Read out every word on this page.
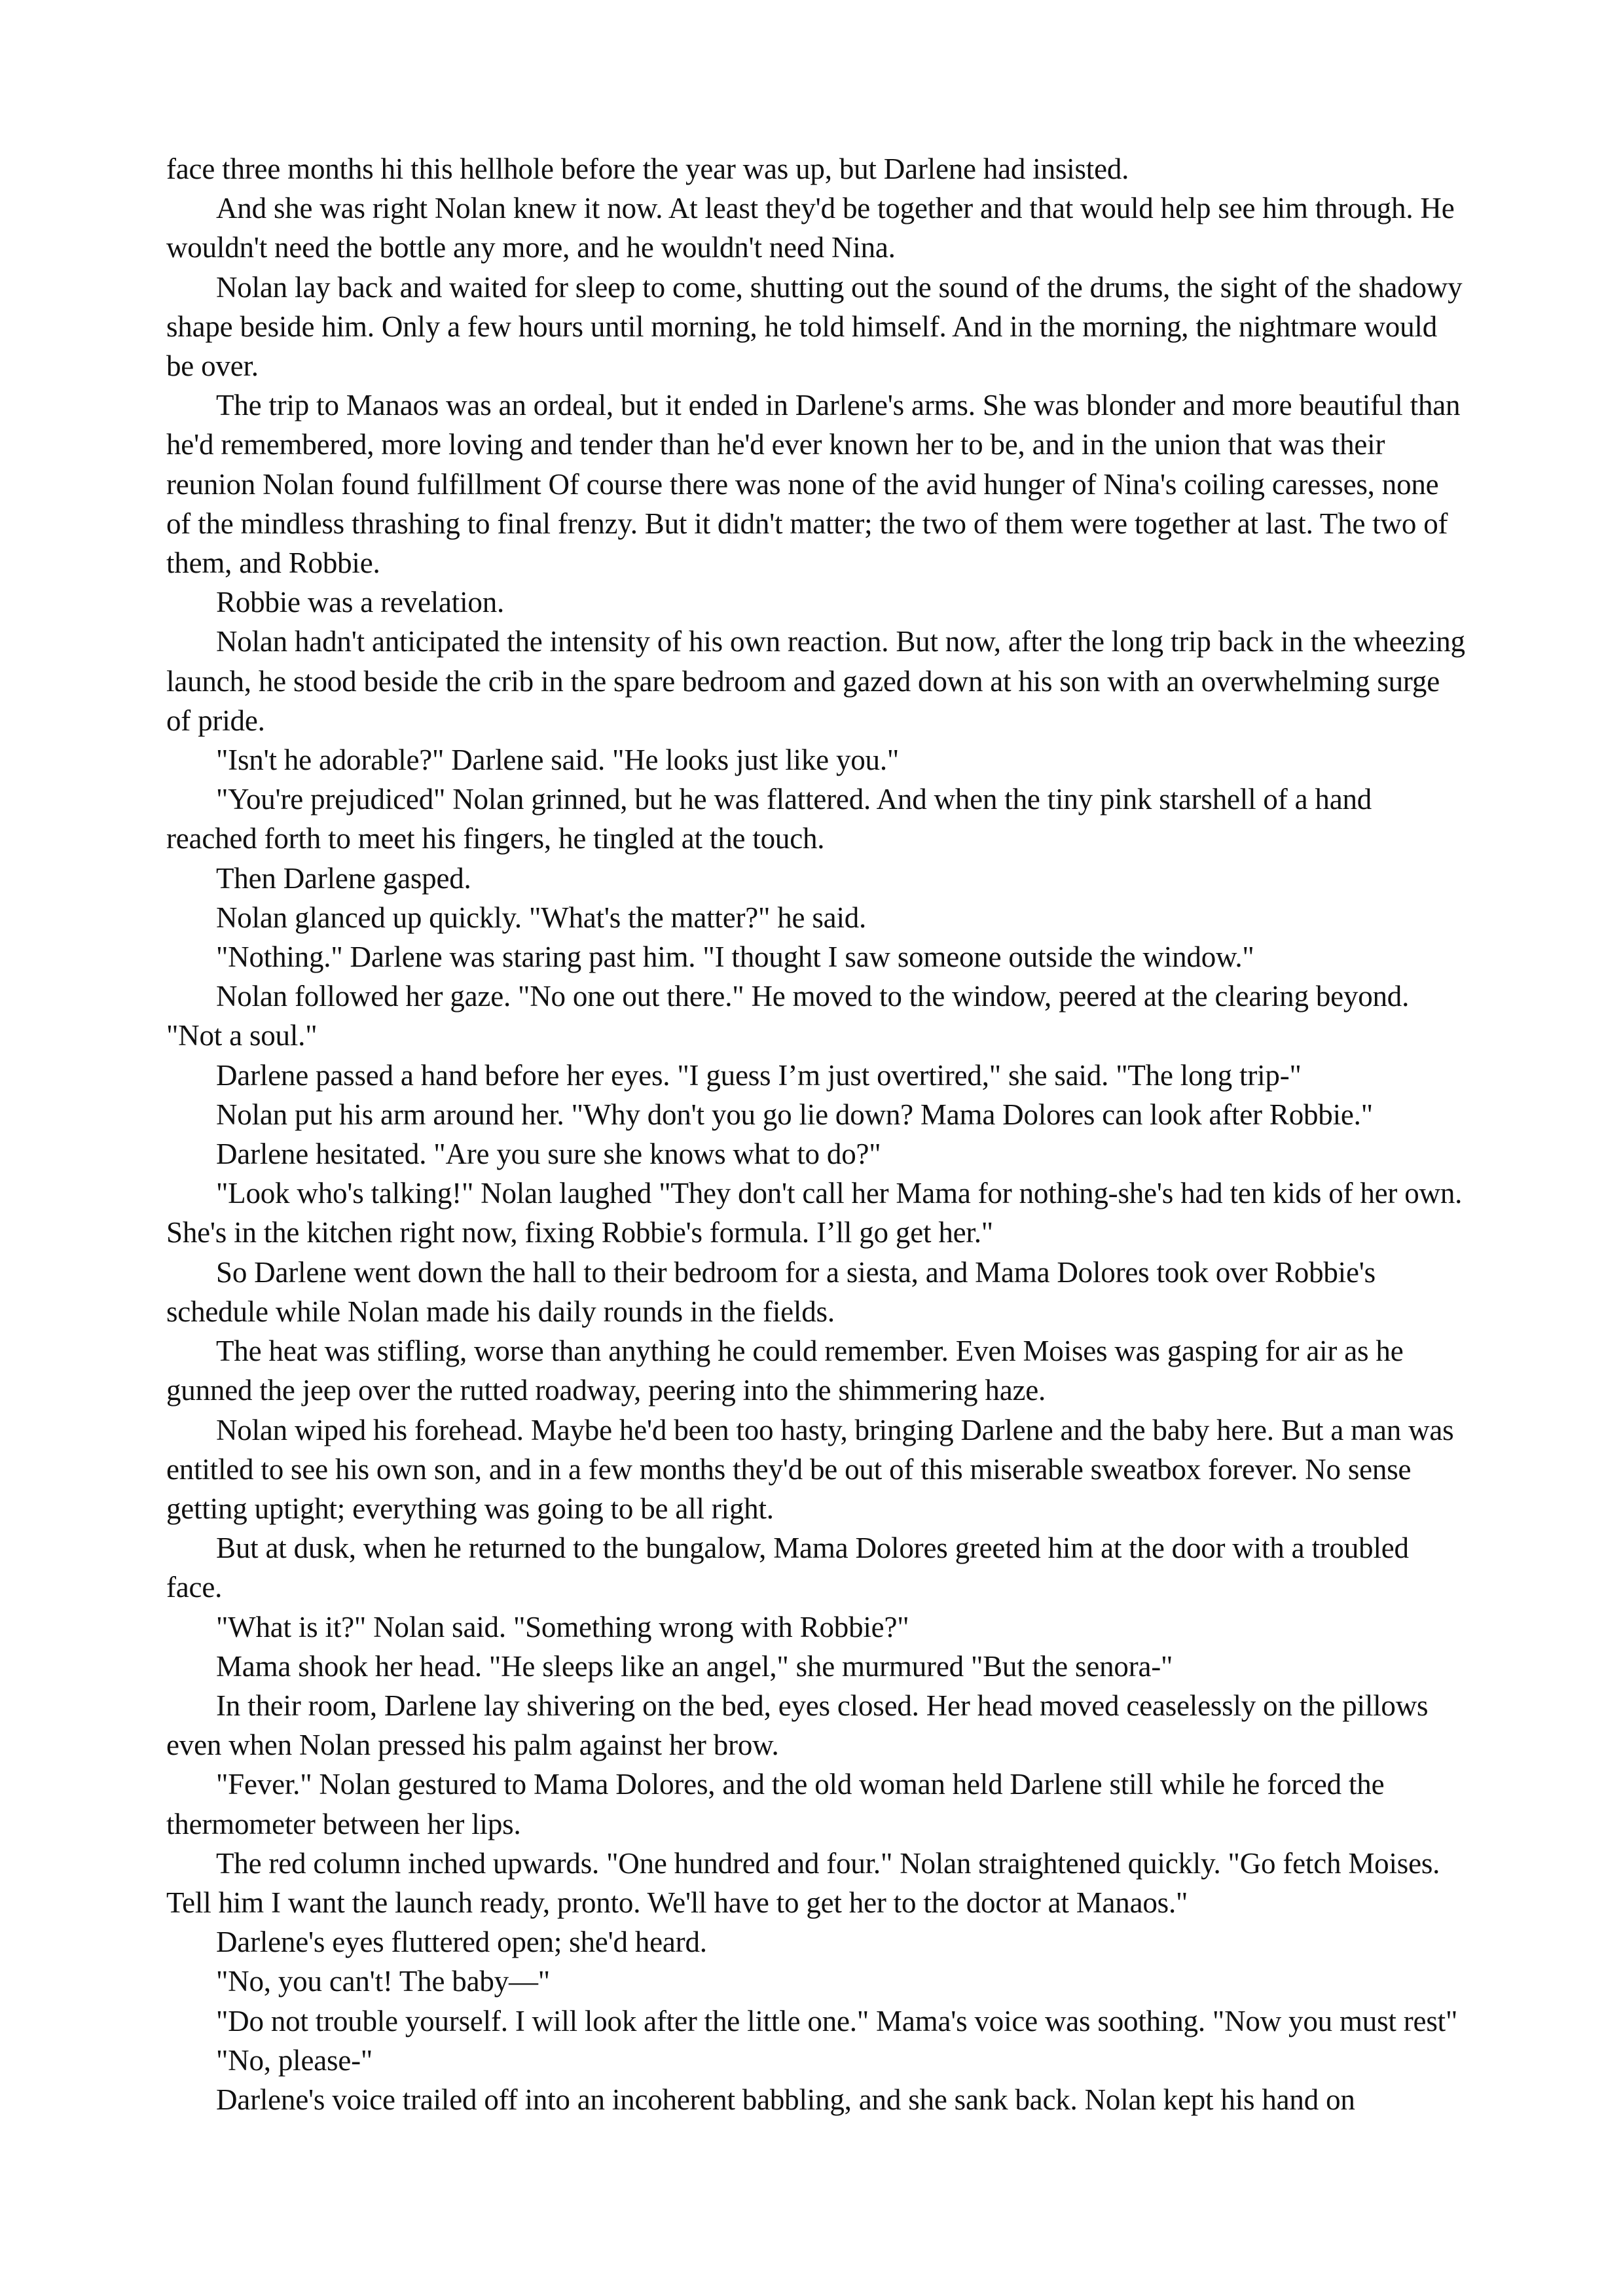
face three months hi this hellhole before the year was up, but Darlene had insisted.

And she was right Nolan knew it now. At least they'd be together and that would help see him through. He wouldn't need the bottle any more, and he wouldn't need Nina.

Nolan lay back and waited for sleep to come, shutting out the sound of the drums, the sight of the shadowy shape beside him. Only a few hours until morning, he told himself. And in the morning, the nightmare would be over.

The trip to Manaos was an ordeal, but it ended in Darlene's arms. She was blonder and more beautiful than he'd remembered, more loving and tender than he'd ever known her to be, and in the union that was their reunion Nolan found fulfillment Of course there was none of the avid hunger of Nina's coiling caresses, none of the mindless thrashing to final frenzy. But it didn't matter; the two of them were together at last. The two of them, and Robbie.

Robbie was a revelation.

Nolan hadn't anticipated the intensity of his own reaction. But now, after the long trip back in the wheezing launch, he stood beside the crib in the spare bedroom and gazed down at his son with an overwhelming surge of pride.

"Isn't he adorable?" Darlene said. "He looks just like you."

"You're prejudiced" Nolan grinned, but he was flattered. And when the tiny pink starshell of a hand reached forth to meet his fingers, he tingled at the touch.

Then Darlene gasped.

Nolan glanced up quickly. "What's the matter?" he said.

"Nothing." Darlene was staring past him. "I thought I saw someone outside the window."

Nolan followed her gaze. "No one out there." He moved to the window, peered at the clearing beyond. "Not a soul."

Darlene passed a hand before her eyes. "I guess I’m just overtired," she said. "The long trip-"

Nolan put his arm around her. "Why don't you go lie down? Mama Dolores can look after Robbie."

Darlene hesitated. "Are you sure she knows what to do?"

"Look who's talking!" Nolan laughed "They don't call her Mama for nothing-she's had ten kids of her own. She's in the kitchen right now, fixing Robbie's formula. I’ll go get her."

So Darlene went down the hall to their bedroom for a siesta, and Mama Dolores took over Robbie's schedule while Nolan made his daily rounds in the fields.

The heat was stifling, worse than anything he could remember. Even Moises was gasping for air as he gunned the jeep over the rutted roadway, peering into the shimmering haze.

Nolan wiped his forehead. Maybe he'd been too hasty, bringing Darlene and the baby here. But a man was entitled to see his own son, and in a few months they'd be out of this miserable sweatbox forever. No sense getting uptight; everything was going to be all right.

But at dusk, when he returned to the bungalow, Mama Dolores greeted him at the door with a troubled face.

"What is it?" Nolan said. "Something wrong with Robbie?"

Mama shook her head. "He sleeps like an angel," she murmured "But the senora-"

In their room, Darlene lay shivering on the bed, eyes closed. Her head moved ceaselessly on the pillows even when Nolan pressed his palm against her brow.

"Fever." Nolan gestured to Mama Dolores, and the old woman held Darlene still while he forced the thermometer between her lips.

The red column inched upwards. "One hundred and four." Nolan straightened quickly. "Go fetch Moises. Tell him I want the launch ready, pronto. We'll have to get her to the doctor at Manaos."

Darlene's eyes fluttered open; she'd heard.

"No, you can't! The baby—"

"Do not trouble yourself. I will look after the little one." Mama's voice was soothing. "Now you must rest"

"No, please-"

Darlene's voice trailed off into an incoherent babbling, and she sank back. Nolan kept his hand on
